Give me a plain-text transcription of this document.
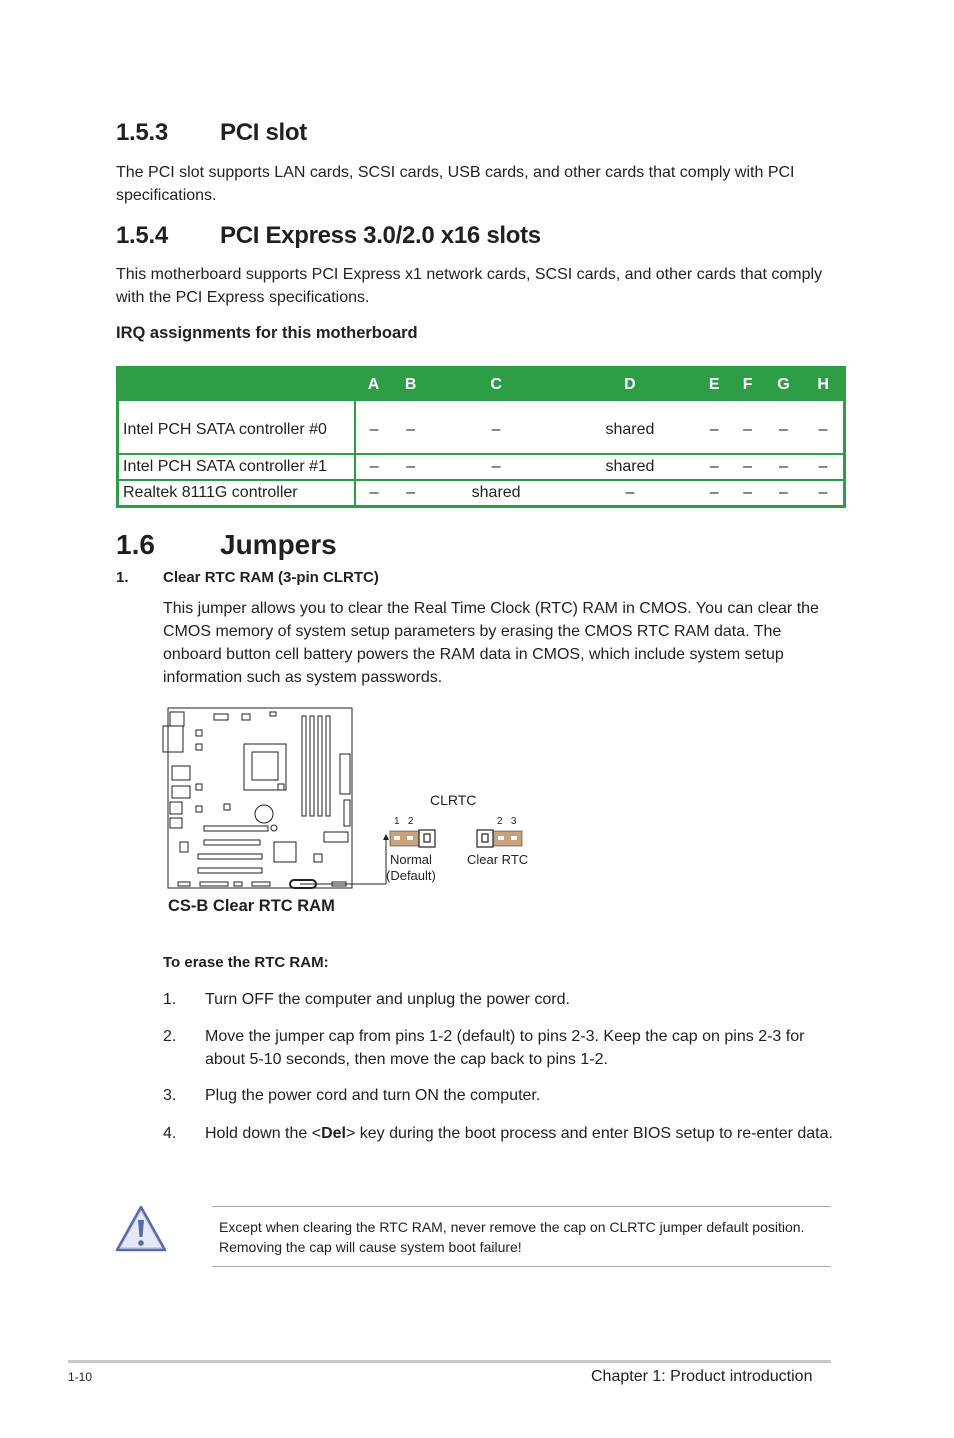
1.5.3 PCI slot
The PCI slot supports LAN cards, SCSI cards, USB cards, and other cards that comply with PCI specifications.
1.5.4 PCI Express 3.0/2.0 x16 slots
This motherboard supports PCI Express x1 network cards, SCSI cards, and other cards that comply with the PCI Express specifications.
IRQ assignments for this motherboard
	A	B	C	D	E	F	G	H
Intel PCH SATA controller #0	–	–	–	shared	–	–	–	–
Intel PCH SATA controller #1	–	–	–	shared	–	–	–	–
Realtek 8111G controller	–	–	shared	–	–	–	–	–
1.6 Jumpers
1. Clear RTC RAM (3-pin CLRTC)
This jumper allows you to clear the Real Time Clock (RTC) RAM in CMOS. You can clear the CMOS memory of system setup parameters by erasing the CMOS RTC RAM data. The onboard button cell battery powers the RAM data in CMOS, which include system setup information such as system passwords.
CLRTC
1   2
Normal
(Default)
2   3
Clear RTC
CS-B Clear RTC RAM
To erase the RTC RAM:
1.	Turn OFF the computer and unplug the power cord.
2.	Move the jumper cap from pins 1-2 (default) to pins 2-3. Keep the cap on pins 2-3 for about 5-10 seconds, then move the cap back to pins 1-2.
3.	Plug the power cord and turn ON the computer.
4.	Hold down the <Del> key during the boot process and enter BIOS setup to re-enter data.
Except when clearing the RTC RAM, never remove the cap on CLRTC jumper default position. Removing the cap will cause system boot failure!
1-10	Chapter 1: Product introduction
